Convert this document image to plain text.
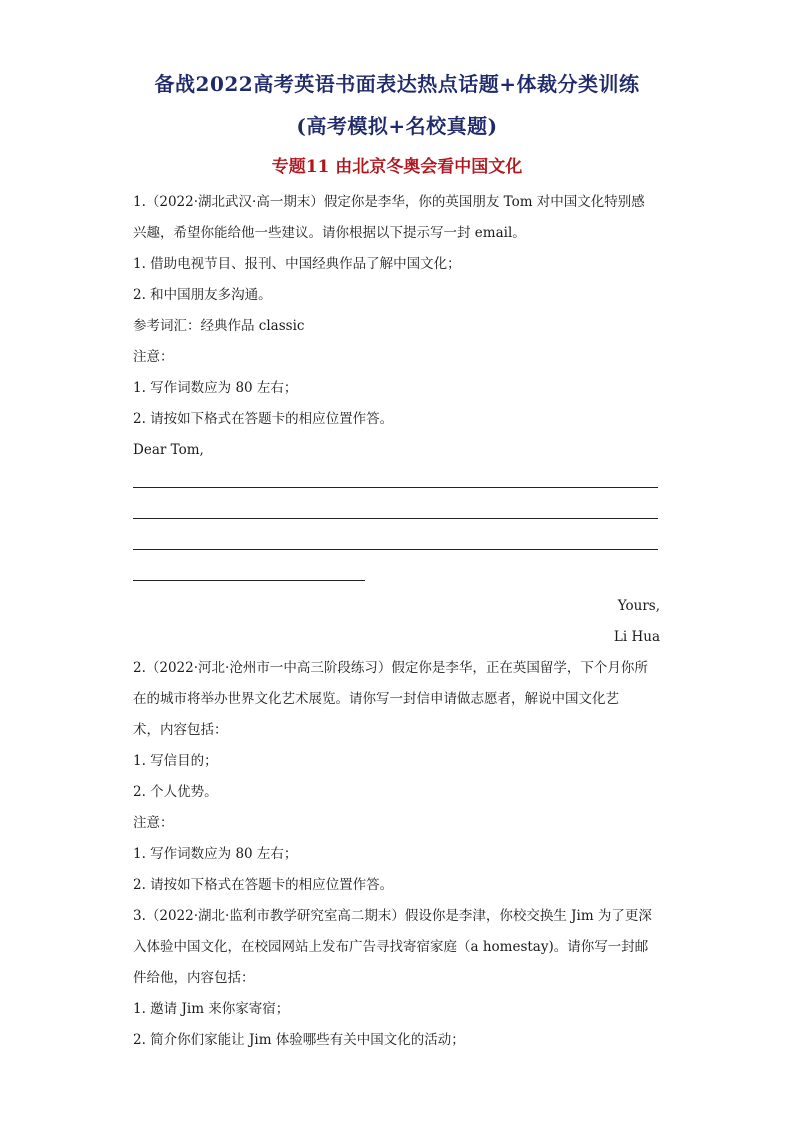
备战2022高考英语书面表达热点话题+体裁分类训练
(高考模拟+名校真题)
专题11 由北京冬奥会看中国文化
1.（2022·湖北武汉·高一期末）假定你是李华，你的英国朋友 Tom 对中国文化特别感
兴趣，希望你能给他一些建议。请你根据以下提示写一封 email。
1. 借助电视节目、报刊、中国经典作品了解中国文化；
2. 和中国朋友多沟通。
参考词汇：经典作品 classic
注意：
1. 写作词数应为 80 左右；
2. 请按如下格式在答题卡的相应位置作答。
Dear Tom,
Yours,
Li Hua
2.（2022·河北·沧州市一中高三阶段练习）假定你是李华，正在英国留学，下个月你所
在的城市将举办世界文化艺术展览。请你写一封信申请做志愿者，解说中国文化艺
术，内容包括：
1. 写信目的；
2. 个人优势。
注意：
1. 写作词数应为 80 左右；
2. 请按如下格式在答题卡的相应位置作答。
3.（2022·湖北·监利市教学研究室高二期末）假设你是李津，你校交换生 Jim 为了更深
入体验中国文化，在校园网站上发布广告寻找寄宿家庭（a homestay)。请你写一封邮
件给他，内容包括：
1. 邀请 Jim 来你家寄宿；
2. 简介你们家能让 Jim 体验哪些有关中国文化的活动；
